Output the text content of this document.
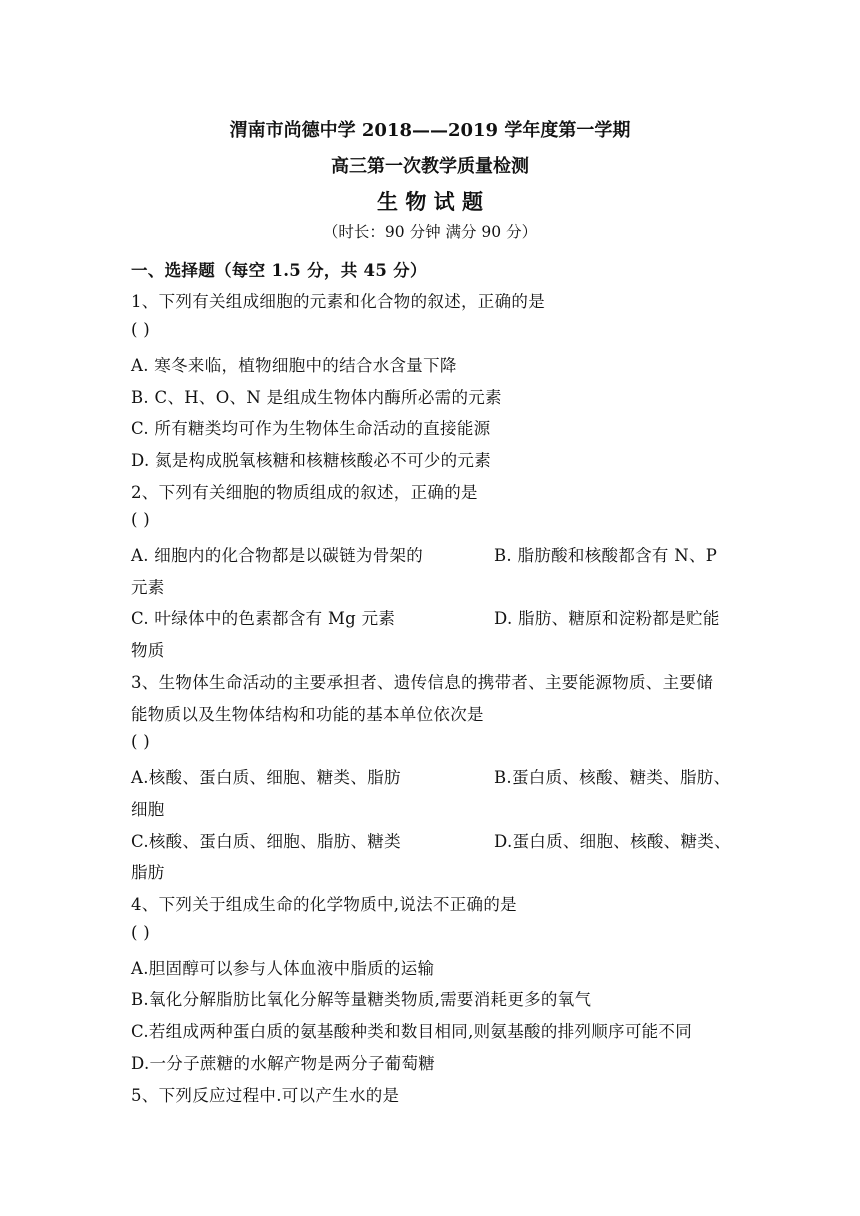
渭南市尚德中学 2018——2019 学年度第一学期
高三第一次教学质量检测
生 物 试 题
（时长：90 分钟 满分 90 分）
一、选择题（每空 1.5 分，共 45 分）
1、下列有关组成细胞的元素和化合物的叙述，正确的是
( )
A. 寒冬来临，植物细胞中的结合水含量下降
B. C、H、O、N 是组成生物体内酶所必需的元素
C. 所有糖类均可作为生物体生命活动的直接能源
D. 氮是构成脱氧核糖和核糖核酸必不可少的元素
2、下列有关细胞的物质组成的叙述，正确的是
( )
A. 细胞内的化合物都是以碳链为骨架的	B. 脂肪酸和核酸都含有 N、P
元素
C. 叶绿体中的色素都含有 Mg 元素	D. 脂肪、糖原和淀粉都是贮能
物质
3、生物体生命活动的主要承担者、遗传信息的携带者、主要能源物质、主要储
能物质以及生物体结构和功能的基本单位依次是
( )
A.核酸、蛋白质、细胞、糖类、脂肪	B.蛋白质、核酸、糖类、脂肪、
细胞
C.核酸、蛋白质、细胞、脂肪、糖类	D.蛋白质、细胞、核酸、糖类、
脂肪
4、下列关于组成生命的化学物质中,说法不正确的是
( )
A.胆固醇可以参与人体血液中脂质的运输
B.氧化分解脂肪比氧化分解等量糖类物质,需要消耗更多的氧气
C.若组成两种蛋白质的氨基酸种类和数目相同,则氨基酸的排列顺序可能不同
D.一分子蔗糖的水解产物是两分子葡萄糖
5、下列反应过程中.可以产生水的是
